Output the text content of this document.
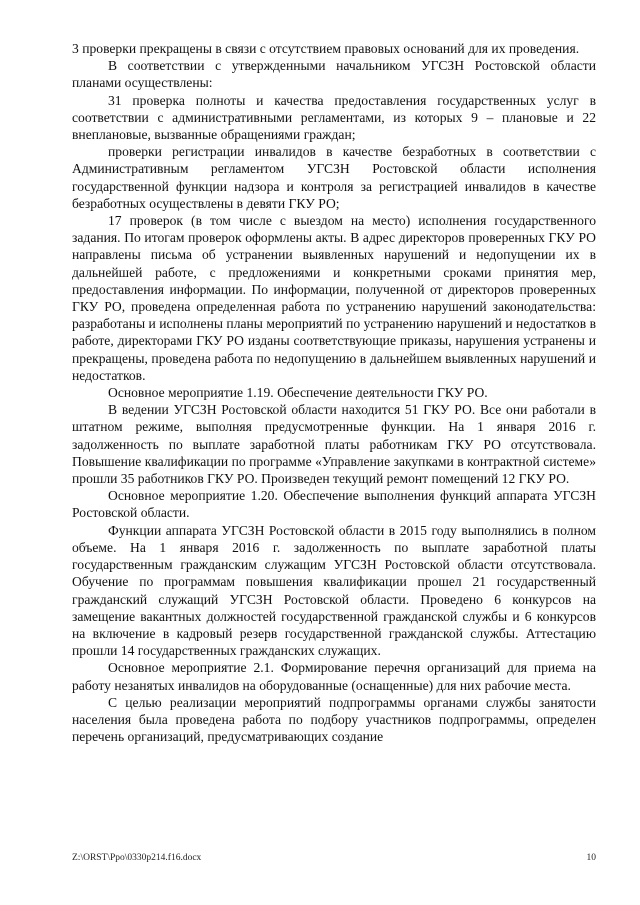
3 проверки прекращены в связи с отсутствием правовых оснований для их проведения.

В соответствии с утвержденными начальником УГСЗН Ростовской области планами осуществлены:

31 проверка полноты и качества предоставления государственных услуг в соответствии с административными регламентами, из которых 9 – плановые и 22 внеплановые, вызванные обращениями граждан;

проверки регистрации инвалидов в качестве безработных в соответствии с Административным регламентом УГСЗН Ростовской области исполнения государственной функции надзора и контроля за регистрацией инвалидов в качестве безработных осуществлены в девяти ГКУ РО;

17 проверок (в том числе с выездом на место) исполнения государственного задания. По итогам проверок оформлены акты. В адрес директоров проверенных ГКУ РО направлены письма об устранении выявленных нарушений и недопущении их в дальнейшей работе, с предложениями и конкретными сроками принятия мер, предоставления информации. По информации, полученной от директоров проверенных ГКУ РО, проведена определенная работа по устранению нарушений законодательства: разработаны и исполнены планы мероприятий по устранению нарушений и недостатков в работе, директорами ГКУ РО изданы соответствующие приказы, нарушения устранены и прекращены, проведена работа по недопущению в дальнейшем выявленных нарушений и недостатков.

Основное мероприятие 1.19. Обеспечение деятельности ГКУ РО.

В ведении УГСЗН Ростовской области находится 51 ГКУ РО. Все они работали в штатном режиме, выполняя предусмотренные функции. На 1 января 2016 г. задолженность по выплате заработной платы работникам ГКУ РО отсутствовала. Повышение квалификации по программе «Управление закупками в контрактной системе» прошли 35 работников ГКУ РО. Произведен текущий ремонт помещений 12 ГКУ РО.

Основное мероприятие 1.20. Обеспечение выполнения функций аппарата УГСЗН Ростовской области.

Функции аппарата УГСЗН Ростовской области в 2015 году выполнялись в полном объеме. На 1 января 2016 г. задолженность по выплате заработной платы государственным гражданским служащим УГСЗН Ростовской области отсутствовала. Обучение по программам повышения квалификации прошел 21 государственный гражданский служащий УГСЗН Ростовской области. Проведено 6 конкурсов на замещение вакантных должностей государственной гражданской службы и 6 конкурсов на включение в кадровый резерв государственной гражданской службы. Аттестацию прошли 14 государственных гражданских служащих.

Основное мероприятие 2.1. Формирование перечня организаций для приема на работу незанятых инвалидов на оборудованные (оснащенные) для них рабочие места.

С целью реализации мероприятий подпрограммы органами службы занятости населения была проведена работа по подбору участников подпрограммы, определен перечень организаций, предусматривающих создание

Z:\ORST\Ppo\0330p214.f16.docx	10
